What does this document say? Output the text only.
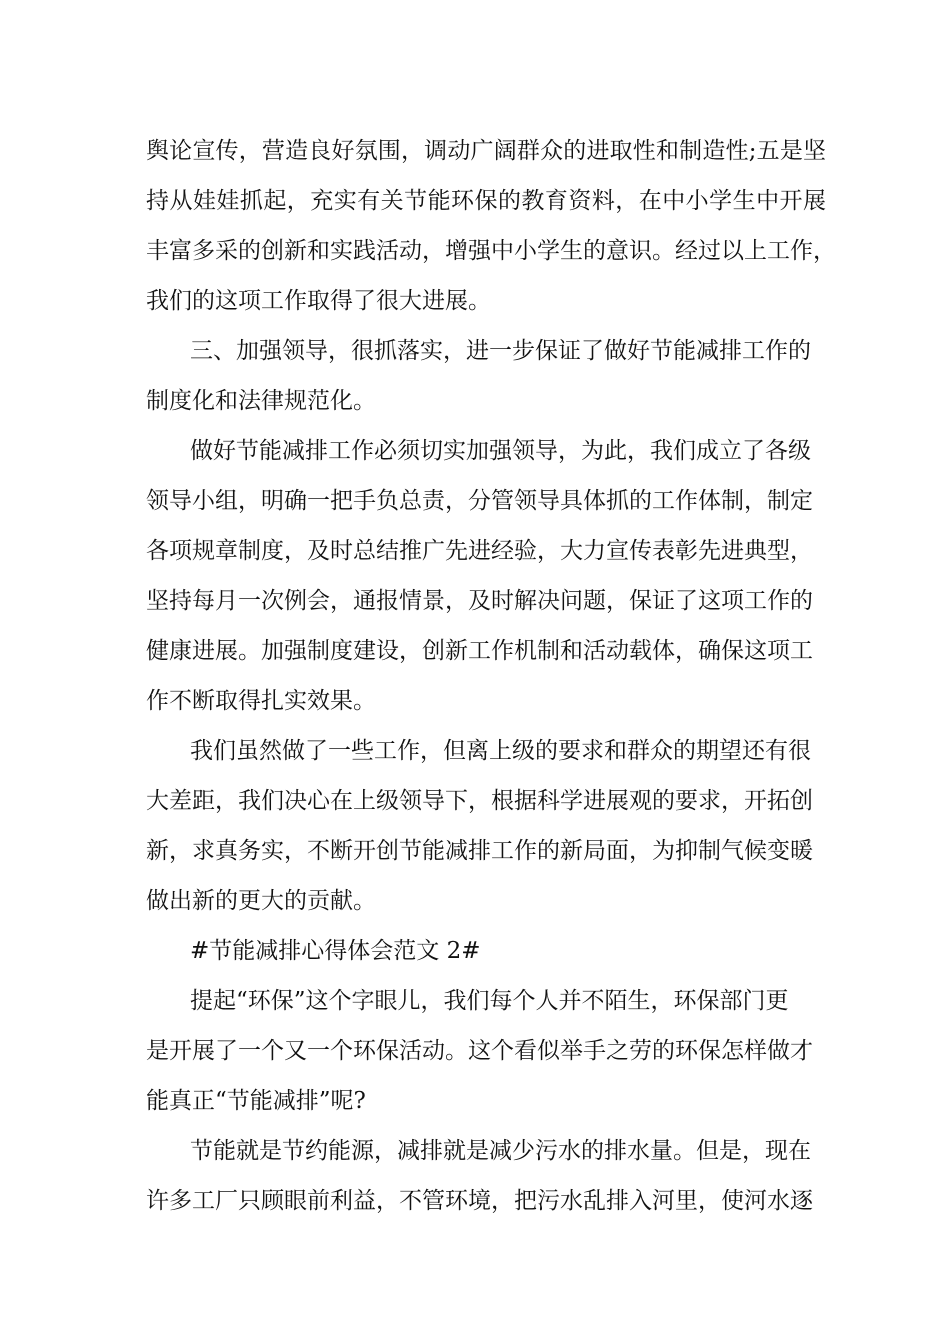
舆论宣传，营造良好氛围，调动广阔群众的进取性和制造性;五是坚
持从娃娃抓起，充实有关节能环保的教育资料，在中小学生中开展
丰富多采的创新和实践活动，增强中小学生的意识。经过以上工作，
我们的这项工作取得了很大进展。
三、加强领导，很抓落实，进一步保证了做好节能减排工作的
制度化和法律规范化。
做好节能减排工作必须切实加强领导，为此，我们成立了各级
领导小组，明确一把手负总责，分管领导具体抓的工作体制，制定
各项规章制度，及时总结推广先进经验，大力宣传表彰先进典型，
坚持每月一次例会，通报情景，及时解决问题，保证了这项工作的
健康进展。加强制度建设，创新工作机制和活动载体，确保这项工
作不断取得扎实效果。
我们虽然做了一些工作，但离上级的要求和群众的期望还有很
大差距，我们决心在上级领导下，根据科学进展观的要求，开拓创
新，求真务实，不断开创节能减排工作的新局面，为抑制气候变暖
做出新的更大的贡献。
#节能减排心得体会范文 2#
提起“环保”这个字眼儿，我们每个人并不陌生，环保部门更
是开展了一个又一个环保活动。这个看似举手之劳的环保怎样做才
能真正“节能减排”呢?
节能就是节约能源，减排就是减少污水的排水量。但是，现在
许多工厂只顾眼前利益，不管环境，把污水乱排入河里，使河水逐
